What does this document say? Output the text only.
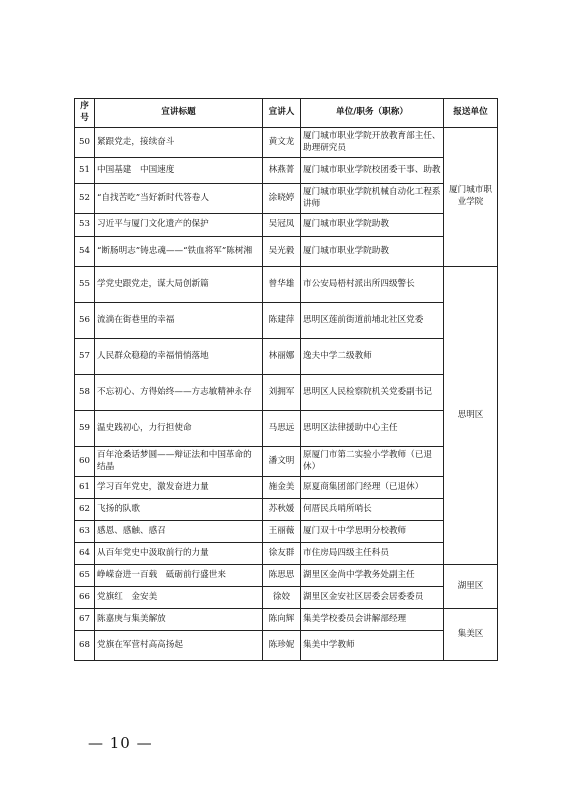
序号	宣讲标题	宣讲人	单位/职务（职称）	报送单位
50	紧跟党走，接续奋斗	黄文龙	厦门城市职业学院开放教育部主任、助理研究员	厦门城市职业学院
51	中国基建　中国速度	林燕菁	厦门城市职业学院校团委干事、助教	
52	“自找苦吃”当好新时代答卷人	涂晓婷	厦门城市职业学院机械自动化工程系讲师	
53	习近平与厦门文化遗产的保护	吴冠凤	厦门城市职业学院助教	
54	“断肠明志”铸忠魂——“铁血将军”陈树湘	吴光毅	厦门城市职业学院助教	
55	学党史跟党走，谋大局创新篇	曾华雄	市公安局梧村派出所四级警长	思明区
56	流淌在街巷里的幸福	陈建萍	思明区莲前街道前埔北社区党委	
57	人民群众稳稳的幸福悄悄落地	林丽娜	逸夫中学二级教师	
58	不忘初心、方得始终——方志敏精神永存	刘拥军	思明区人民检察院机关党委副书记	
59	温史践初心，力行担使命	马思远	思明区法律援助中心主任	
60	百年沧桑话梦圆——辩证法和中国革命的结晶	潘文明	原厦门市第二实验小学教师（已退休）	
61	学习百年党史，激发奋进力量	施金美	原夏商集团部门经理（已退休）	
62	飞扬的队歌	苏秋媛	何厝民兵哨所哨长	
63	感恩、感触、感召	王丽薇	厦门双十中学思明分校教师	
64	从百年党史中汲取前行的力量	徐友群	市住房局四级主任科员	
65	峥嵘奋进一百载　砥砺前行盛世来	陈思思	湖里区金尚中学教务处副主任	湖里区
66	党旗红　金安美	徐姣	湖里区金安社区居委会居委委员	
67	陈嘉庚与集美解放	陈向辉	集美学校委员会讲解部经理	集美区
68	党旗在军营村高高扬起	陈珍妮	集美中学教师	
— 10 —
